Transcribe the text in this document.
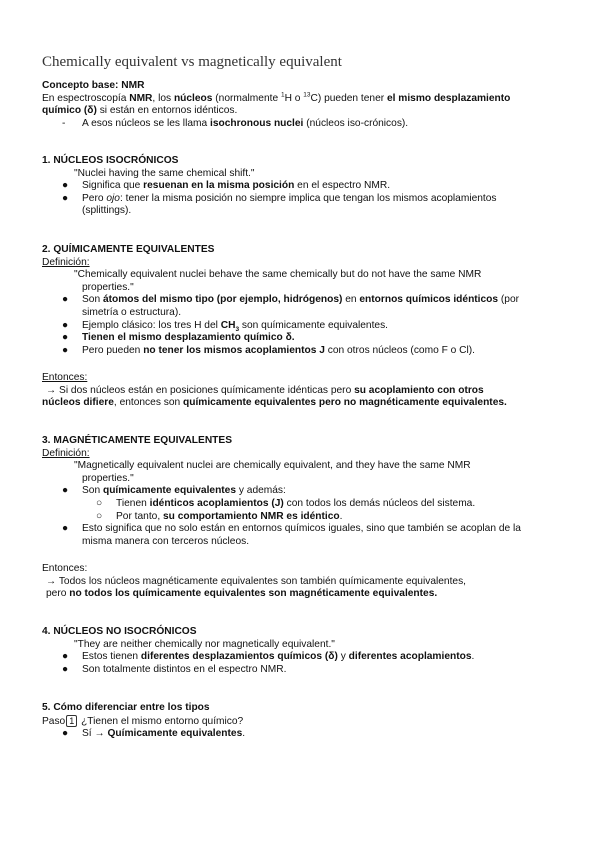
Chemically equivalent vs magnetically equivalent
Concepto base: NMR
En espectroscopía NMR, los núcleos (normalmente $^1$H o $^{13}$C) pueden tener el mismo desplazamiento
químico (δ) si están en entornos idénticos.
- A esos núcleos se les llama isochronous nuclei (núcleos iso-crónicos).
1. NÚCLEOS ISOCRÓNICOS
"Nuclei having the same chemical shift."
● Significa que resuenan en la misma posición en el espectro NMR.
● Pero ojo: tener la misma posición no siempre implica que tengan los mismos acoplamientos
(splittings).
2. QUÍMICAMENTE EQUIVALENTES
Definición:
"Chemically equivalent nuclei behave the same chemically but do not have the same NMR
properties."
● Son átomos del mismo tipo (por ejemplo, hidrógenos) en entornos químicos idénticos (por
simetría o estructura).
● Ejemplo clásico: los tres H del $CH_3$ son químicamente equivalentes.
● Tienen el mismo desplazamiento químico δ.
● Pero pueden no tener los mismos acoplamientos J con otros núcleos (como F o Cl).
Entonces:
→ Si dos núcleos están en posiciones químicamente idénticas pero su acoplamiento con otros
núcleos difiere, entonces son químicamente equivalentes pero no magnéticamente equivalentes.
3. MAGNÉTICAMENTE EQUIVALENTES
Definición:
"Magnetically equivalent nuclei are chemically equivalent, and they have the same NMR
properties."
● Son químicamente equivalentes y además:
○ Tienen idénticos acoplamientos (J) con todos los demás núcleos del sistema.
○ Por tanto, su comportamiento NMR es idéntico.
● Esto significa que no solo están en entornos químicos iguales, sino que también se acoplan de la
misma manera con terceros núcleos.
Entonces:
→ Todos los núcleos magnéticamente equivalentes son también químicamente equivalentes,
pero no todos los químicamente equivalentes son magnéticamente equivalentes.
4. NÚCLEOS NO ISOCRÓNICOS
"They are neither chemically nor magnetically equivalent."
● Estos tienen diferentes desplazamientos químicos (δ) y diferentes acoplamientos.
● Son totalmente distintos en el espectro NMR.
5. Cómo diferenciar entre los tipos
Paso 1 ¿Tienen el mismo entorno químico?
● Sí → Químicamente equivalentes.
